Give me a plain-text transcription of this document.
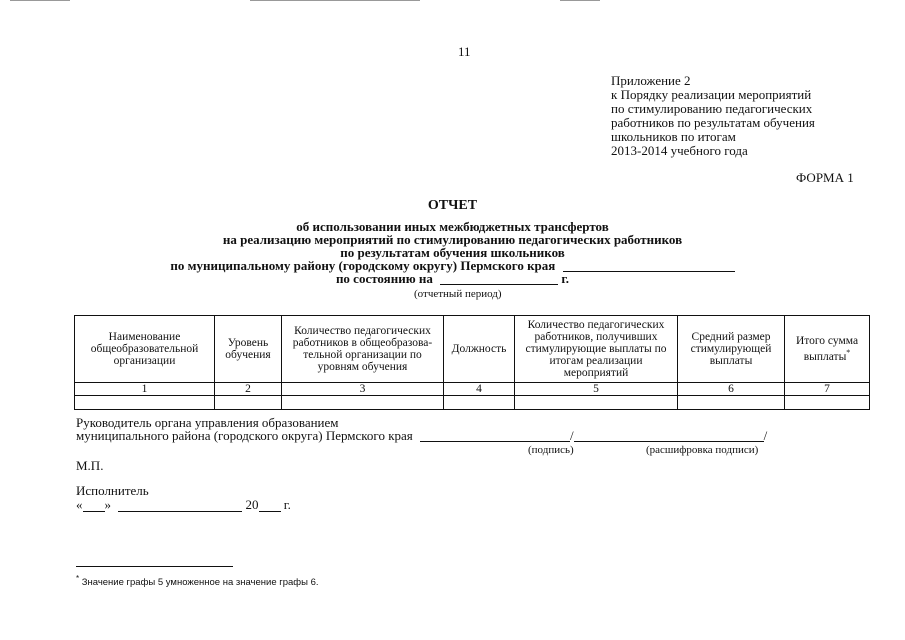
11
Приложение 2
к Порядку реализации мероприятий
по стимулированию педагогических
работников по результатам обучения
школьников по итогам
2013-2014 учебного года
ФОРМА 1
ОТЧЕТ
об использовании иных межбюджетных трансфертов
на реализацию мероприятий по стимулированию педагогических работников
по результатам обучения школьников
по муниципальному району (городскому округу) Пермского края
по состоянию на	г.
(отчетный период)
Наименование общеобразовательной организации	Уровень обучения	Количество педагогических работников в общеобразова-тельной организации по уровням обучения	Должность	Количество педагогических работников, получивших стимулирующие выплаты по итогам реализации мероприятий	Средний размер стимулирующей выплаты	Итого сумма выплаты*
1	2	3	4	5	6	7

Руководитель органа управления образованием
муниципального района (городского округа) Пермского края	/	/
(подпись)	(расшифровка подписи)
М.П.
Исполнитель
« »	20 г.
* Значение графы 5 умноженное на значение графы 6.
